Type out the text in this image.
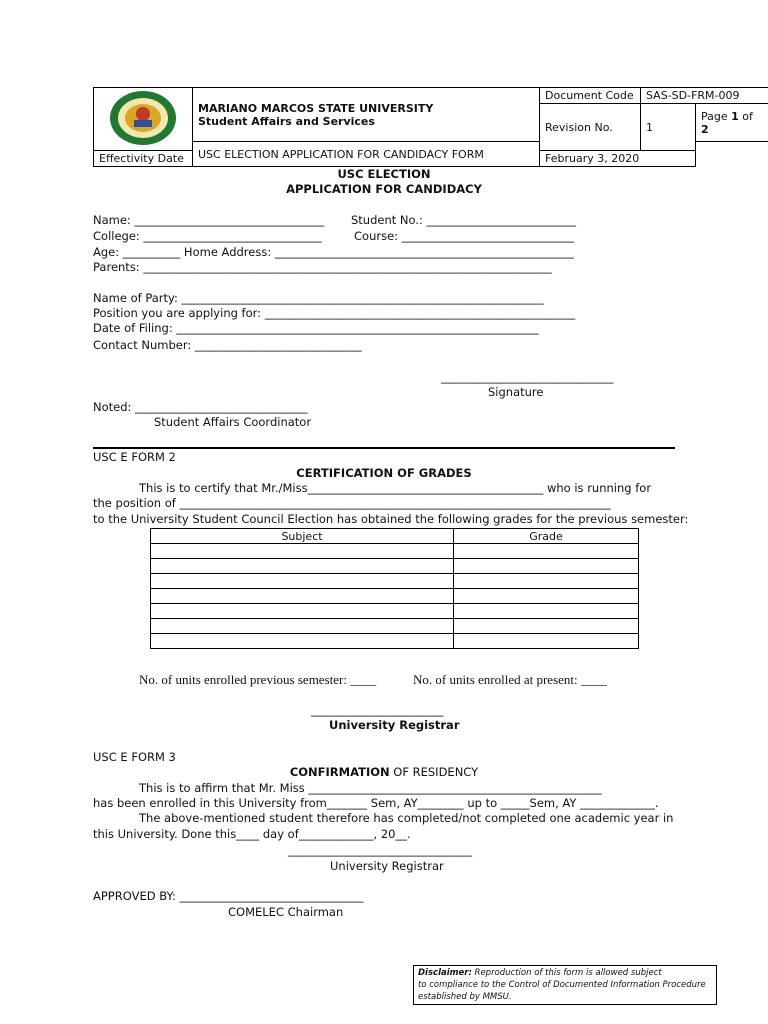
MARIANO MARCOS STATE UNIVERSITY
Student Affairs and Services	Document Code	SAS-SD-FRM-009	
		Revision No.	1	Page 1 of 2
	USC ELECTION APPLICATION FOR CANDIDACY FORM			
Effectivity Date		February 3, 2020		
USC ELECTION
APPLICATION FOR CANDIDACY
Name: _________________________________ Student No.: __________________________
College: _______________________________	Course: ______________________________
Age: __________ Home Address: ____________________________________________________
Parents: _______________________________________________________________________
Name of Party: _______________________________________________________________
Position you are applying for: ______________________________________________________
Date of Filing: _______________________________________________________________
Contact Number: _____________________________
______________________________
Signature
Noted: ______________________________
Student Affairs Coordinator
USC E FORM 2
CERTIFICATION OF GRADES
This is to certify that Mr./Miss_________________________________________ who is running for
the position of ___________________________________________________________________________
to the University Student Council Election has obtained the following grades for the previous semester:
Subject	Grade

No. of units enrolled previous semester: ____	No. of units enrolled at present: ____
_______________________
University Registrar
USC E FORM 3
CONFIRMATION OF RESIDENCY
This is to affirm that Mr. Miss ___________________________________________________
has been enrolled in this University from_______ Sem, AY________ up to _____Sem, AY _____________.
The above-mentioned student therefore has completed/not completed one academic year in
this University. Done this____ day of_____________, 20__.
________________________________
University Registrar
APPROVED BY: ________________________________
COMELEC Chairman
Disclaimer: Reproduction of this form is allowed subject
to compliance to the Control of Documented Information Procedure
established by MMSU.
